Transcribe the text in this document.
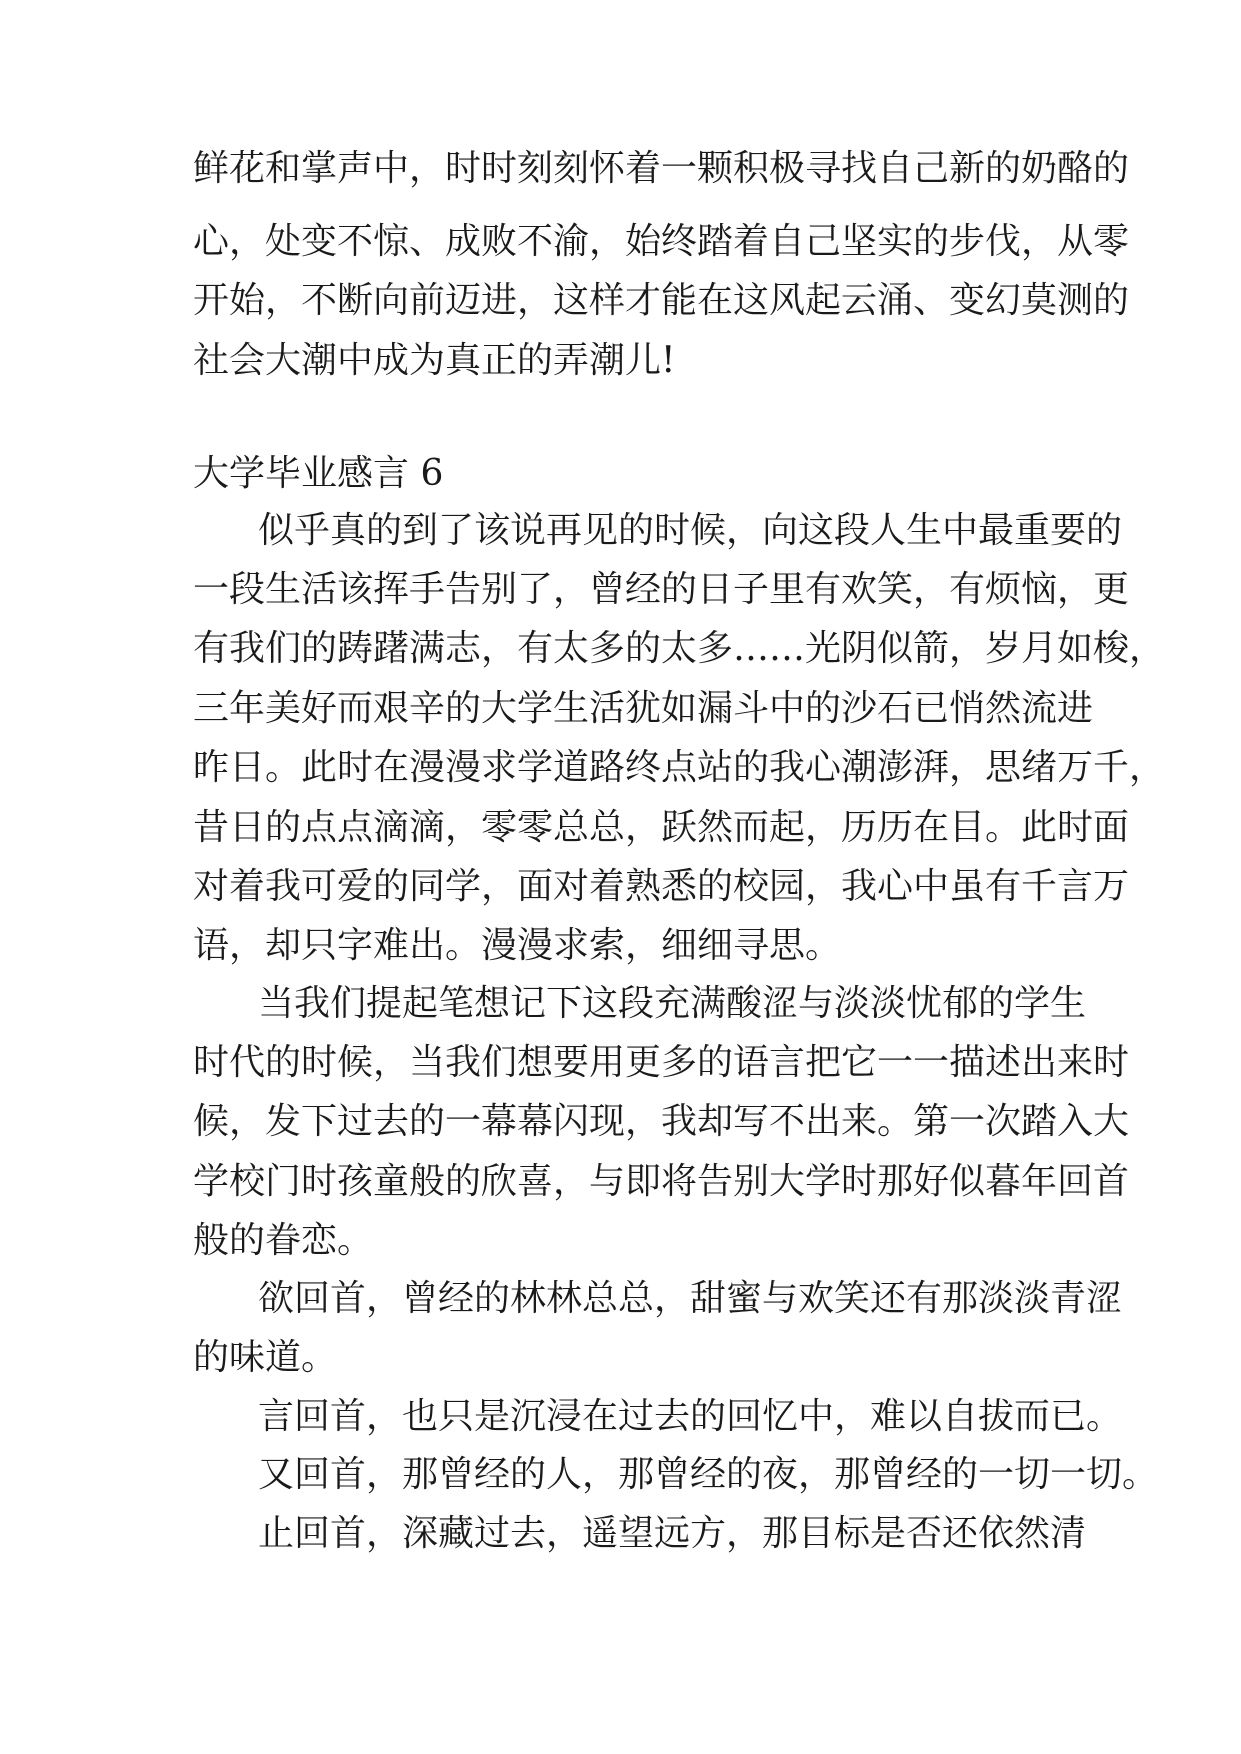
鲜花和掌声中，时时刻刻怀着一颗积极寻找自己新的奶酪的
心，处变不惊、成败不渝，始终踏着自己坚实的步伐，从零
开始，不断向前迈进，这样才能在这风起云涌、变幻莫测的
社会大潮中成为真正的弄潮儿!
大学毕业感言 6
似乎真的到了该说再见的时候，向这段人生中最重要的
一段生活该挥手告别了，曾经的日子里有欢笑，有烦恼，更
有我们的踌躇满志，有太多的太多……光阴似箭，岁月如梭，
三年美好而艰辛的大学生活犹如漏斗中的沙石已悄然流进
昨日。此时在漫漫求学道路终点站的我心潮澎湃，思绪万千，
昔日的点点滴滴，零零总总，跃然而起，历历在目。此时面
对着我可爱的同学，面对着熟悉的校园，我心中虽有千言万
语，却只字难出。漫漫求索，细细寻思。
当我们提起笔想记下这段充满酸涩与淡淡忧郁的学生
时代的时候，当我们想要用更多的语言把它一一描述出来时
候，发下过去的一幕幕闪现，我却写不出来。第一次踏入大
学校门时孩童般的欣喜，与即将告别大学时那好似暮年回首
般的眷恋。
欲回首，曾经的林林总总，甜蜜与欢笑还有那淡淡青涩
的味道。
言回首，也只是沉浸在过去的回忆中，难以自拔而已。
又回首，那曾经的人，那曾经的夜，那曾经的一切一切。
止回首，深藏过去，遥望远方，那目标是否还依然清
